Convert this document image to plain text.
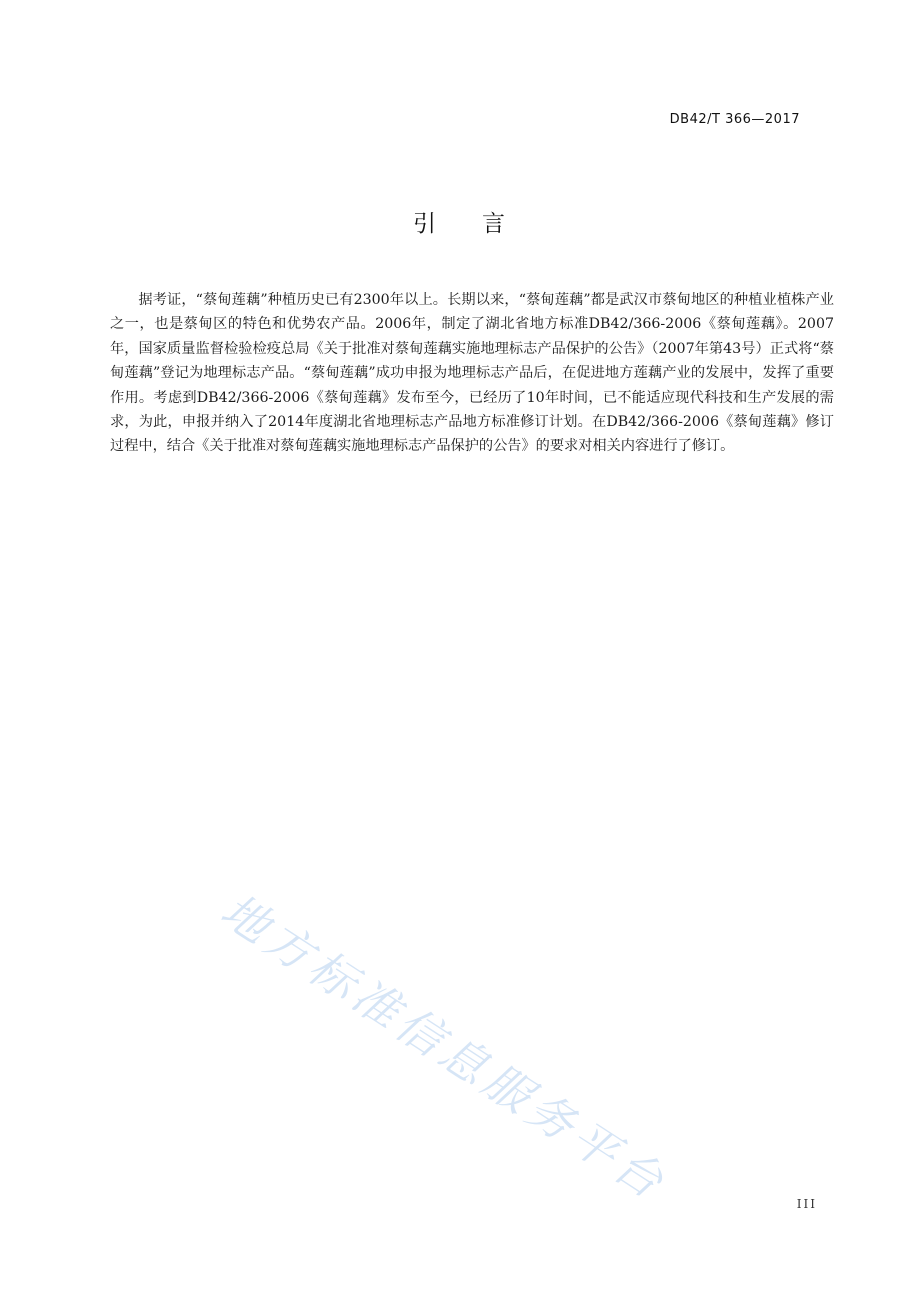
DB42/T 366—2017
引 言

据考证，“蔡甸莲藕”种植历史已有2300年以上。长期以来，“蔡甸莲藕”都是武汉市蔡甸地区的种植业植株产业之一，也是蔡甸区的特色和优势农产品。2006年，制定了湖北省地方标准DB42/366-2006《蔡甸莲藕》。2007年，国家质量监督检验检疫总局《关于批准对蔡甸莲藕实施地理标志产品保护的公告》（2007年第43号）正式将“蔡甸莲藕”登记为地理标志产品。“蔡甸莲藕”成功申报为地理标志产品后，在促进地方莲藕产业的发展中，发挥了重要作用。考虑到DB42/366-2006《蔡甸莲藕》发布至今，已经历了10年时间，已不能适应现代科技和生产发展的需求，为此，申报并纳入了2014年度湖北省地理标志产品地方标准修订计划。在DB42/366-2006《蔡甸莲藕》修订过程中，结合《关于批准对蔡甸莲藕实施地理标志产品保护的公告》的要求对相关内容进行了修订。

地方标准信息服务平台	III
